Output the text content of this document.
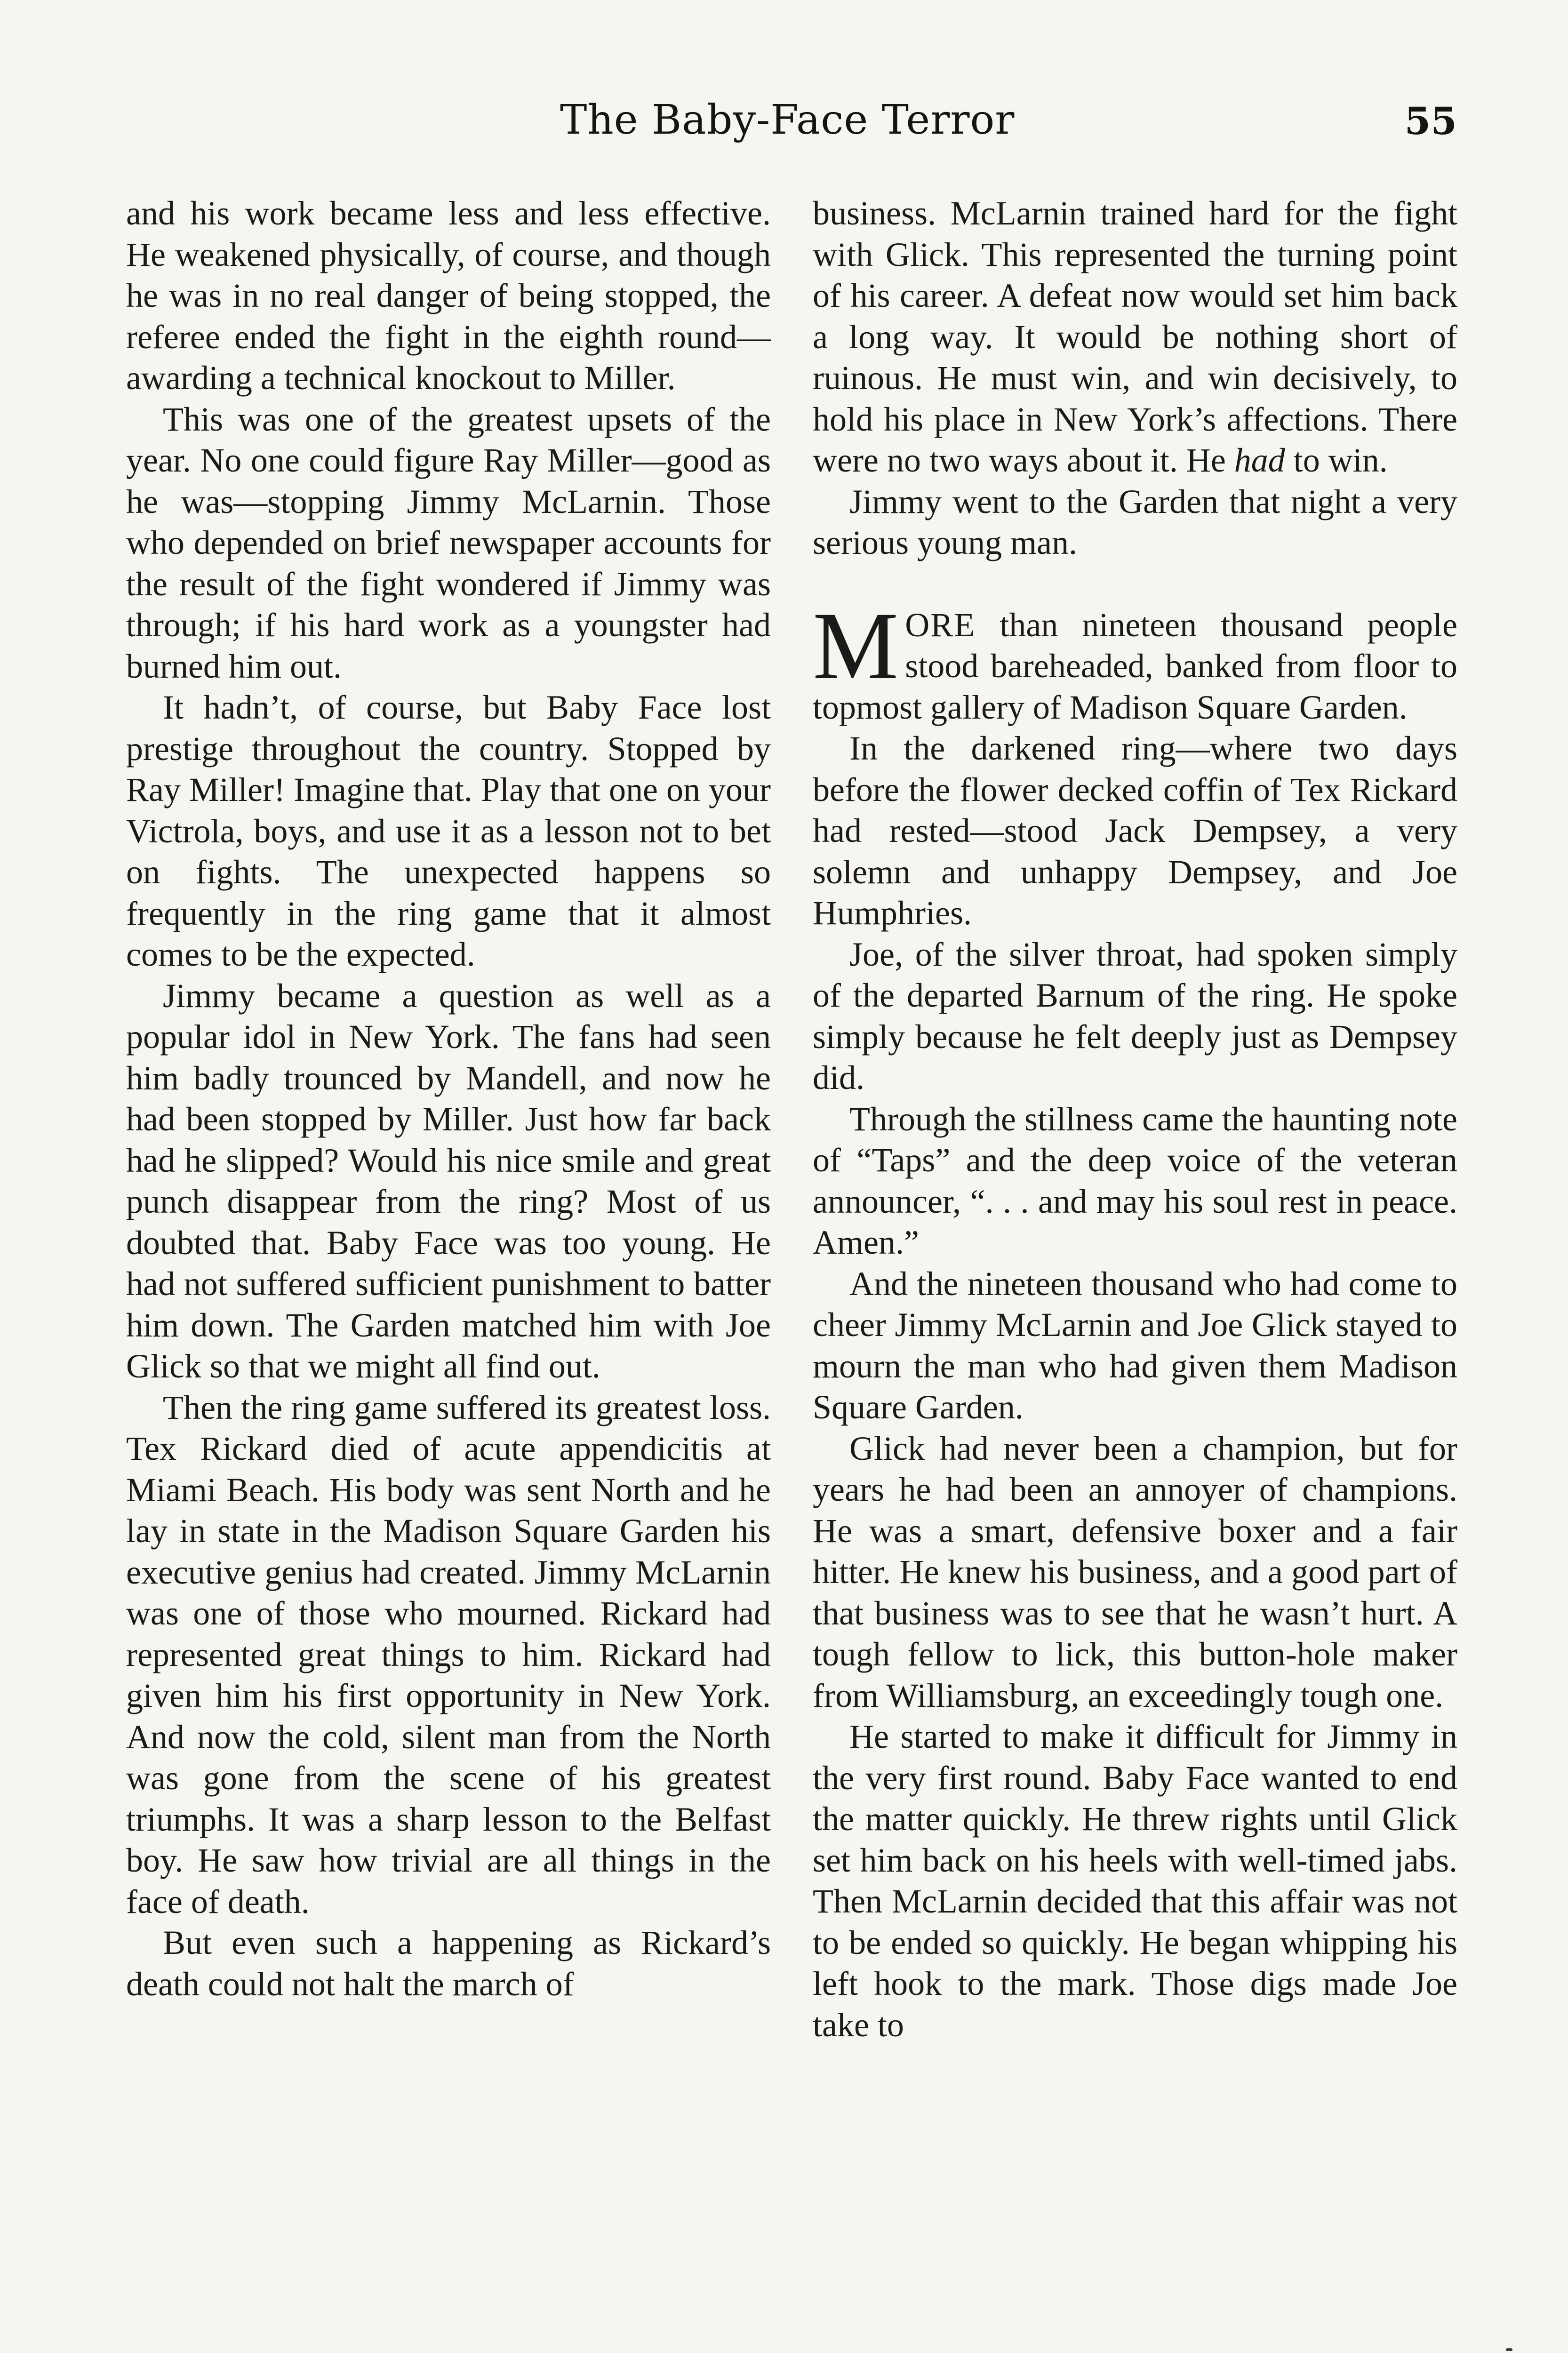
The Baby-Face Terror	55

and his work became less and less effective. He weakened physically, of course, and though he was in no real danger of being stopped, the referee ended the fight in the eighth round—awarding a technical knockout to Miller.

This was one of the greatest upsets of the year. No one could figure Ray Miller—good as he was—stopping Jimmy McLarnin. Those who depended on brief newspaper accounts for the result of the fight wondered if Jimmy was through; if his hard work as a youngster had burned him out.

It hadn’t, of course, but Baby Face lost prestige throughout the country. Stopped by Ray Miller! Imagine that. Play that one on your Victrola, boys, and use it as a lesson not to bet on fights. The unexpected happens so frequently in the ring game that it almost comes to be the expected.

Jimmy became a question as well as a popular idol in New York. The fans had seen him badly trounced by Mandell, and now he had been stopped by Miller. Just how far back had he slipped? Would his nice smile and great punch disappear from the ring? Most of us doubted that. Baby Face was too young. He had not suffered sufficient punishment to batter him down. The Garden matched him with Joe Glick so that we might all find out.

Then the ring game suffered its greatest loss. Tex Rickard died of acute appendicitis at Miami Beach. His body was sent North and he lay in state in the Madison Square Garden his executive genius had created. Jimmy McLarnin was one of those who mourned. Rickard had represented great things to him. Rickard had given him his first opportunity in New York. And now the cold, silent man from the North was gone from the scene of his greatest triumphs. It was a sharp lesson to the Belfast boy. He saw how trivial are all things in the face of death.

But even such a happening as Rickard’s death could not halt the march of

business. McLarnin trained hard for the fight with Glick. This represented the turning point of his career. A defeat now would set him back a long way. It would be nothing short of ruinous. He must win, and win decisively, to hold his place in New York’s affections. There were no two ways about it. He had to win.

Jimmy went to the Garden that night a very serious young man.

MORE than nineteen thousand people stood bareheaded, banked from floor to topmost gallery of Madison Square Garden.

In the darkened ring—where two days before the flower decked coffin of Tex Rickard had rested—stood Jack Dempsey, a very solemn and unhappy Dempsey, and Joe Humphries.

Joe, of the silver throat, had spoken simply of the departed Barnum of the ring. He spoke simply because he felt deeply just as Dempsey did.

Through the stillness came the haunting note of “Taps” and the deep voice of the veteran announcer, “. . . and may his soul rest in peace. Amen.”

And the nineteen thousand who had come to cheer Jimmy McLarnin and Joe Glick stayed to mourn the man who had given them Madison Square Garden.

Glick had never been a champion, but for years he had been an annoyer of champions. He was a smart, defensive boxer and a fair hitter. He knew his business, and a good part of that business was to see that he wasn’t hurt. A tough fellow to lick, this button-hole maker from Williamsburg, an exceedingly tough one.

He started to make it difficult for Jimmy in the very first round. Baby Face wanted to end the matter quickly. He threw rights until Glick set him back on his heels with well-timed jabs. Then McLarnin decided that this affair was not to be ended so quickly. He began whipping his left hook to the mark. Those digs made Joe take to
